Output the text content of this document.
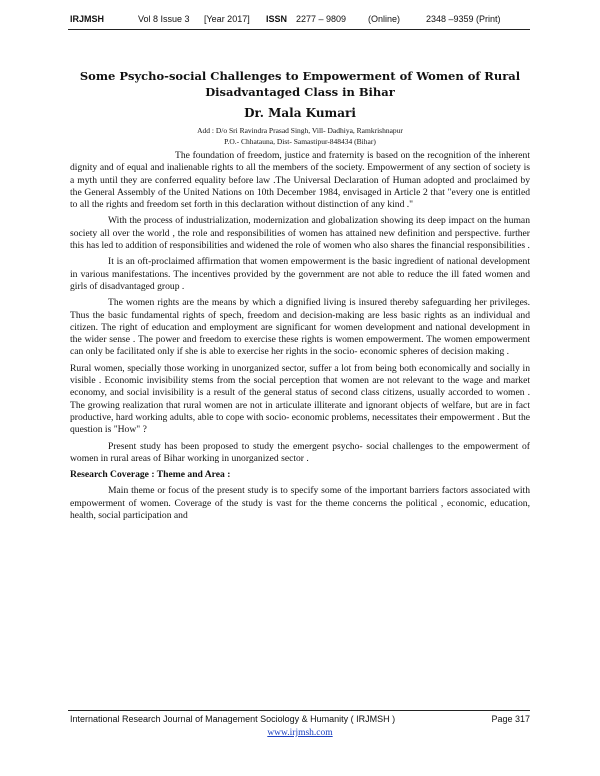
IRJMSH	Vol 8 Issue 3 [Year 2017] ISSN 2277 – 9809 (Online)	2348 –9359 (Print)
Some Psycho-social Challenges to Empowerment of Women of Rural
Disadvantaged Class in Bihar
Dr. Mala Kumari
Add : D/o Sri Ravindra Prasad Singh, Vill- Dadhiya, Ramkrishnapur
P.O.- Chhatauna, Dist- Samastipur-848434 (Bihar)

The foundation of freedom, justice and fraternity is based on the recognition of the inherent dignity and of equal and inalienable rights to all the members of the society. Empowerment of any section of society is a myth until they are conferred equality before law .The Universal Declaration of Human adopted and proclaimed by the General Assembly of the United Nations on 10th December 1984, envisaged in Article 2 that "every one is entitled to all the rights and freedom set forth in this declaration without distinction of any kind ."

With the process of industrialization, modernization and globalization showing its deep impact on the human society all over the world , the role and responsibilities of women has attained new definition and perspective. further this has led to addition of responsibilities and widened the role of women who also shares the financial responsibilities .

It is an oft-proclaimed affirmation that women empowerment is the basic ingredient of national development in various manifestations. The incentives provided by the government are not able to reduce the ill fated women and girls of disadvantaged group .

The women rights are the means by which a dignified living is insured thereby safeguarding her privileges. Thus the basic fundamental rights of spech, freedom and decision-making are less basic rights as an individual and citizen. The right of education and employment are significant for women development and national development in the wider sense . The power and freedom to exercise these rights is women empowerment. The women empowerment can only be facilitated only if she is able to exercise her rights in the socio- economic spheres of decision making .

Rural women, specially those working in unorganized sector, suffer a lot from being both economically and socially in visible . Economic invisibility stems from the social perception that women are not relevant to the wage and market economy, and social invisibility is a result of the general status of second class citizens, usually accorded to women . The growing realization that rural women are not in articulate illiterate and ignorant objects of welfare, but are in fact productive, hard working adults, able to cope with socio- economic problems, necessitates their empowerment . But the question is "How" ?

Present study has been proposed to study the emergent psycho- social challenges to the empowerment of women in rural areas of Bihar working in unorganized sector .

Research Coverage : Theme and Area :

Main theme or focus of the present study is to specify some of the important barriers factors associated with empowerment of women. Coverage of the study is vast for the theme concerns the political , economic, education, health, social participation and

International Research Journal of Management Sociology & Humanity ( IRJMSH )	Page 317
www.irjmsh.com
